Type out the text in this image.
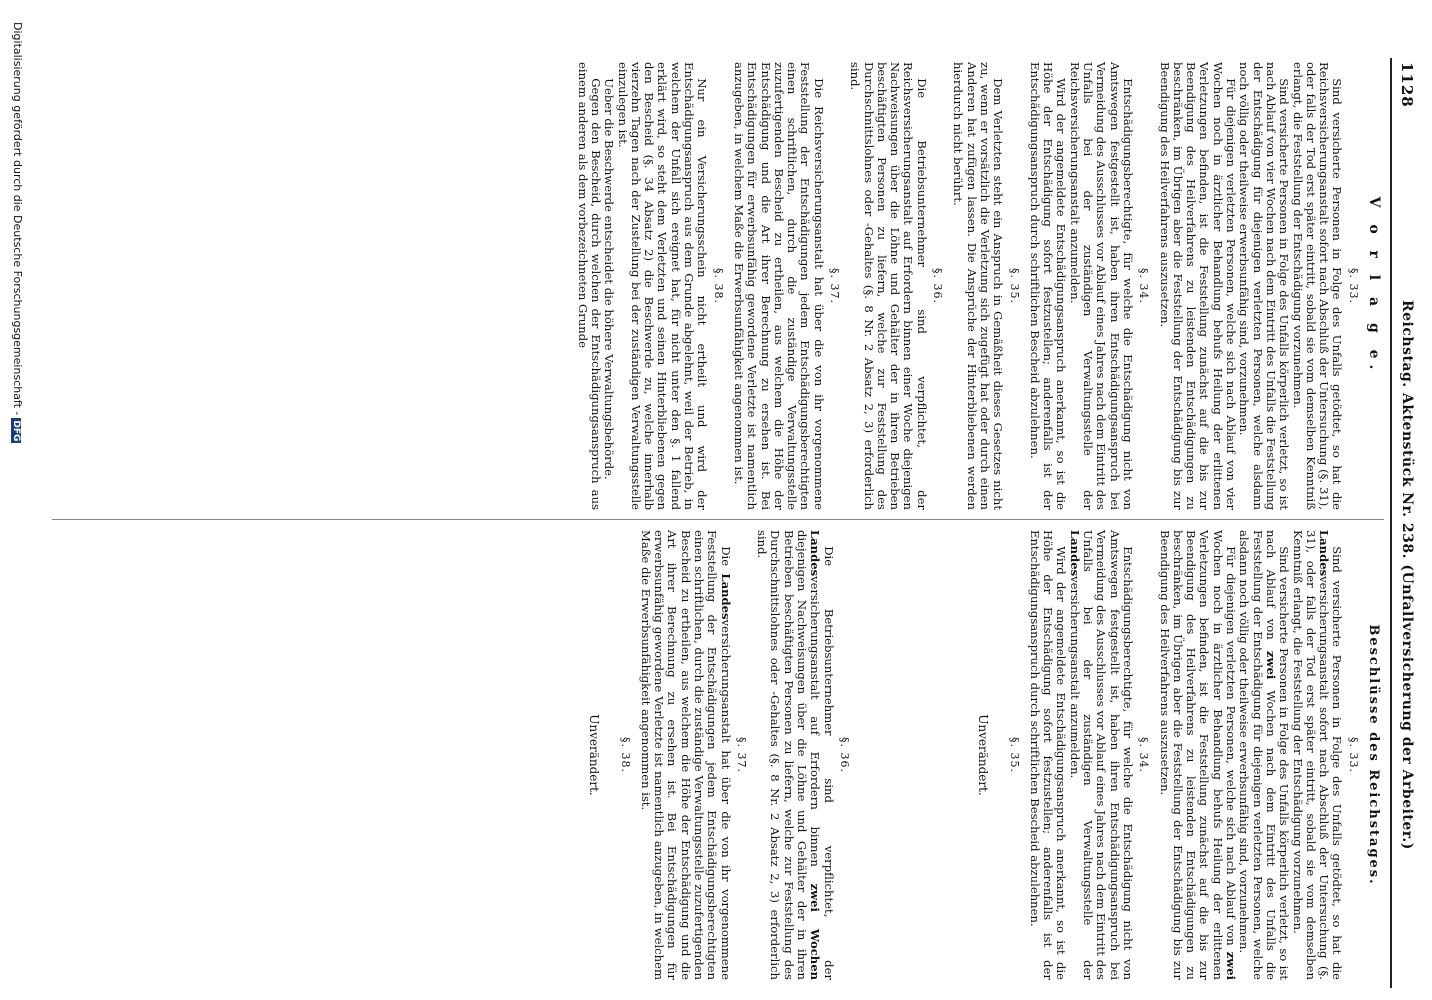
1128
Reichstag. Aktenstück Nr. 238. (Unfallversicherung der Arbeiter.)
V o r l a g e.
§. 33.

Sind versicherte Personen in Folge des Unfalls getödtet, so hat die Reichsversicherungsanstalt sofort nach Abschluß der Untersuchung (§. 31), oder falls der Tod erst später eintritt, sobald sie vom demselben Kenntniß erlangt, die Feststellung der Entschädigung vorzunehmen.

Sind versicherte Personen in Folge des Unfalls körperlich verletzt, so ist nach Ablauf von vier Wochen nach dem Eintritt des Unfalls die Feststellung der Entschädigung für diejenigen verletzten Personen, welche alsdann noch völlig oder theilweise erwerbsunfähig sind, vorzunehmen.

Für diejenigen verletzten Personen, welche sich nach Ablauf von vier Wochen noch in ärztlicher Behandlung behufs Heilung der erlittenen Verletzungen befinden, ist die Feststellung zunächst auf die bis zur Beendigung des Heilverfahrens zu leistenden Entschädigungen zu beschränken, im Übrigen aber die Feststellung der Entschädigung bis zur Beendigung des Heilverfahrens auszusetzen.

§. 34.

Entschädigungsberechtigte, für welche die Entschädigung nicht von Amtswegen festgestellt ist, haben ihren Entschädigungsanspruch bei Vermeidung des Ausschlusses vor Ablauf eines Jahres nach dem Eintritt des Unfalls bei der zuständigen Verwaltungsstelle der Reichsversicherungsanstalt anzumelden.

Wird der angemeldete Entschädigungsanspruch anerkannt, so ist die Höhe der Entschädigung sofort festzustellen; anderenfalls ist der Entschädigungsanspruch durch schriftlichen Bescheid abzulehnen.

§. 35.

Dem Verletzten steht ein Anspruch in Gemäßheit dieses Gesetzes nicht zu, wenn er vorsätzlich die Verletzung sich zugefügt hat oder durch einen Anderen hat zufügen lassen. Die Ansprüche der Hinterbliebenen werden hierdurch nicht berührt.

§. 36.

Die Betriebsunternehmer sind verpflichtet, der Reichsversicherungsanstalt auf Erfordern binnen einer Woche diejenigen Nachweisungen über die Löhne und Gehälter der in ihren Betrieben beschäftigten Personen zu liefern, welche zur Feststellung des Durchschnittslohnes oder -Gehaltes (§. 8 Nr. 2 Absatz 2, 3) erforderlich sind.

§. 37.

Die Reichsversicherungsanstalt hat über die von ihr vorgenommene Feststellung der Entschädigungen jedem Entschädigungsberechtigten einen schriftlichen, durch die zuständige Verwaltungsstelle zuzufertigenden Bescheid zu ertheilen, aus welchem die Höhe der Entschädigung und die Art ihrer Berechnung zu ersehen ist. Bei Entschädigungen für erwerbsunfähig gewordene Verletzte ist namentlich anzugeben, in welchem Maße die Erwerbsunfähigkeit angenommen ist.

§. 38.

Nur ein Versicherungsschein nicht ertheilt und wird der Entschädigungsanspruch aus dem Grunde abgelehnt, weil der Betrieb, in welchem der Unfall sich ereignet hat, für nicht unter den §. 1 fallend erklärt wird, so steht dem Verletzten und seinen Hinterbliebenen gegen den Bescheid (§. 34 Absatz 2) die Beschwerde zu, welche innerhalb vierzehn Tagen nach der Zustellung bei der zuständigen Verwaltungsstelle einzulegen ist.

Ueber die Beschwerde entscheidet die höhere Verwaltungsbehörde.

Gegen den Bescheid, durch welchen der Entschädigungsanspruch aus einem anderen als dem vorbezeichneten Grunde

Beschlüsse des Reichstages.
§. 33.

Sind versicherte Personen in Folge des Unfalls getödtet, so hat die Landesversicherungsanstalt sofort nach Abschluß der Untersuchung (§. 31), oder falls der Tod erst später eintritt, sobald sie vom demselben Kenntniß erlangt, die Feststellung der Entschädigung vorzunehmen.

Sind versicherte Personen in Folge des Unfalls körperlich verletzt, so ist nach Ablauf von zwei Wochen nach dem Eintritt des Unfalls die Feststellung der Entschädigung für diejenigen verletzten Personen, welche alsdann noch völlig oder theilweise erwerbsunfähig sind, vorzunehmen.

Für diejenigen verletzten Personen, welche sich nach Ablauf von zwei Wochen noch in ärztlicher Behandlung behufs Heilung der erlittenen Verletzungen befinden, ist die Feststellung zunächst auf die bis zur Beendigung des Heilverfahrens zu leistenden Entschädigungen zu beschränken, im Übrigen aber die Feststellung der Entschädigung bis zur Beendigung des Heilverfahrens auszusetzen.

§. 34.

Entschädigungsberechtigte, für welche die Entschädigung nicht von Amtswegen festgestellt ist, haben ihren Entschädigungsanspruch bei Vermeidung des Ausschlusses vor Ablauf eines Jahres nach dem Eintritt des Unfalls bei der zuständigen Verwaltungsstelle der Landesversicherungsanstalt anzumelden.

Wird der angemeldete Entschädigungsanspruch anerkannt, so ist die Höhe der Entschädigung sofort festzustellen; anderenfalls ist der Entschädigungsanspruch durch schriftlichen Bescheid abzulehnen.

§. 35.
Unverändert.
§. 36.

Die Betriebsunternehmer sind verpflichtet, der Landesversicherungsanstalt auf Erfordern binnen zwei Wochen diejenigen Nachweisungen über die Löhne und Gehälter der in ihren Betrieben beschäftigten Personen zu liefern, welche zur Feststellung des Durchschnittslohnes oder -Gehaltes (§. 8 Nr. 2 Absatz 2, 3) erforderlich sind.

§. 37.

Die Landesversicherungsanstalt hat über die von ihr vorgenommene Feststellung der Entschädigungen jedem Entschädigungsberechtigten einen schriftlichen, durch die zuständige Verwaltungsstelle zuzufertigenden Bescheid zu ertheilen, aus welchem die Höhe der Entschädigung und die Art ihrer Berechnung zu ersehen ist. Bei Entschädigungen für erwerbsunfähig gewordene Verletzte ist namentlich anzugeben, in welchem Maße die Erwerbsunfähigkeit angenommen ist.

§. 38.
Unverändert.
Digitalisierung gefördert durch die Deutsche Forschungsgemeinschaft -DFG
